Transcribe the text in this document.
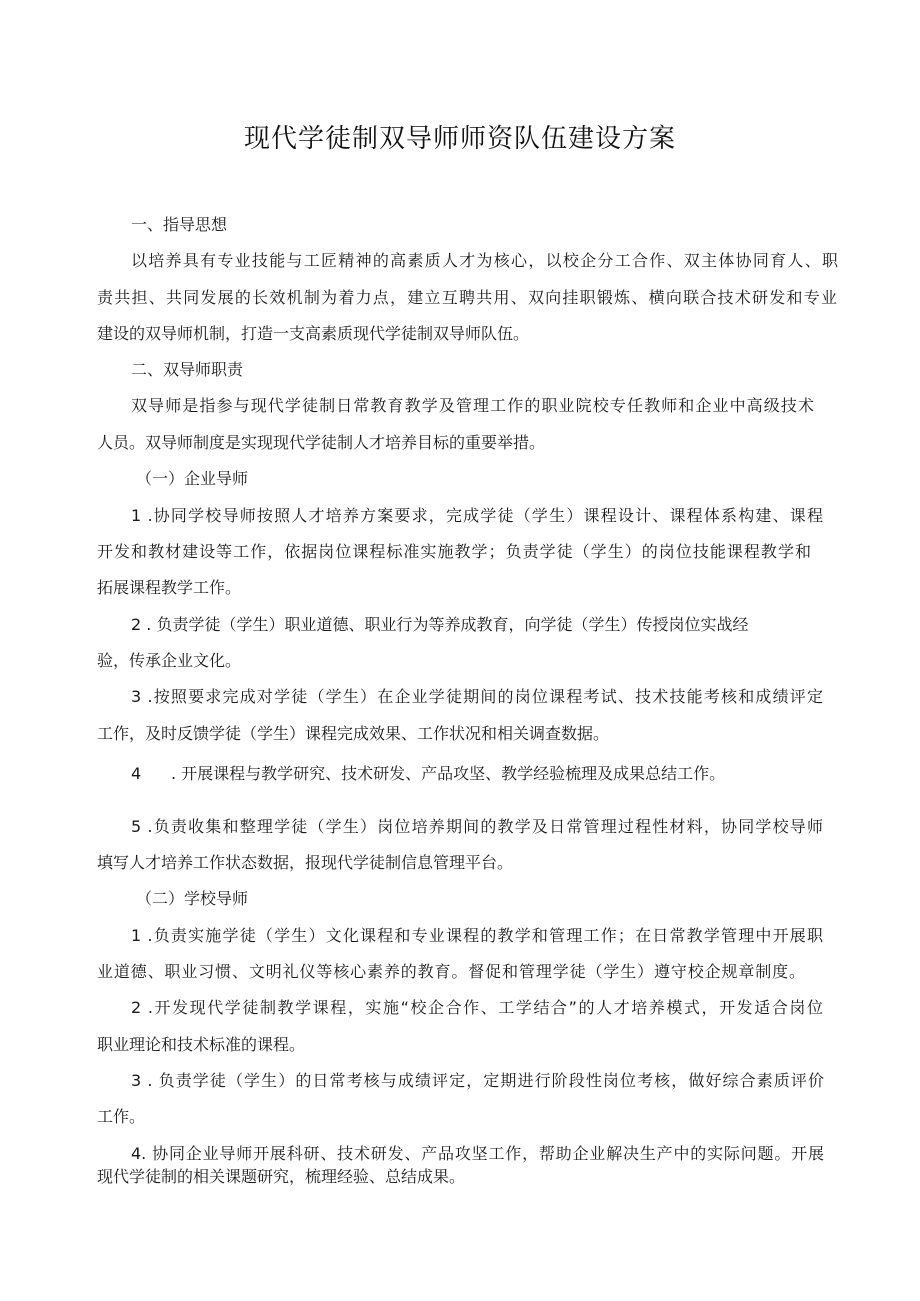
现代学徒制双导师师资队伍建设方案
一、指导思想
以培养具有专业技能与工匠精神的高素质人才为核心，以校企分工合作、双主体协同育人、职
责共担、共同发展的长效机制为着力点，建立互聘共用、双向挂职锻炼、横向联合技术研发和专业
建设的双导师机制，打造一支高素质现代学徒制双导师队伍。
二、双导师职责
双导师是指参与现代学徒制日常教育教学及管理工作的职业院校专任教师和企业中高级技术
人员。双导师制度是实现现代学徒制人才培养目标的重要举措。
（一）企业导师
1 .协同学校导师按照人才培养方案要求，完成学徒（学生）课程设计、课程体系构建、课程
开发和教材建设等工作，依据岗位课程标准实施教学；负责学徒（学生）的岗位技能课程教学和
拓展课程教学工作。
2 . 负责学徒（学生）职业道德、职业行为等养成教育，向学徒（学生）传授岗位实战经
验，传承企业文化。
3 .按照要求完成对学徒（学生）在企业学徒期间的岗位课程考试、技术技能考核和成绩评定
工作，及时反馈学徒（学生）课程完成效果、工作状况和相关调查数据。
4 . 开展课程与教学研究、技术研发、产品攻坚、教学经验梳理及成果总结工作。
5 .负责收集和整理学徒（学生）岗位培养期间的教学及日常管理过程性材料，协同学校导师
填写人才培养工作状态数据，报现代学徒制信息管理平台。
（二）学校导师
1 .负责实施学徒（学生）文化课程和专业课程的教学和管理工作；在日常教学管理中开展职
业道德、职业习惯、文明礼仪等核心素养的教育。督促和管理学徒（学生）遵守校企规章制度。
2 .开发现代学徒制教学课程，实施“校企合作、工学结合”的人才培养模式，开发适合岗位
职业理论和技术标准的课程。
3 . 负责学徒（学生）的日常考核与成绩评定，定期进行阶段性岗位考核，做好综合素质评价
工作。
4. 协同企业导师开展科研、技术研发、产品攻坚工作，帮助企业解决生产中的实际问题。开展
现代学徒制的相关课题研究，梳理经验、总结成果。
